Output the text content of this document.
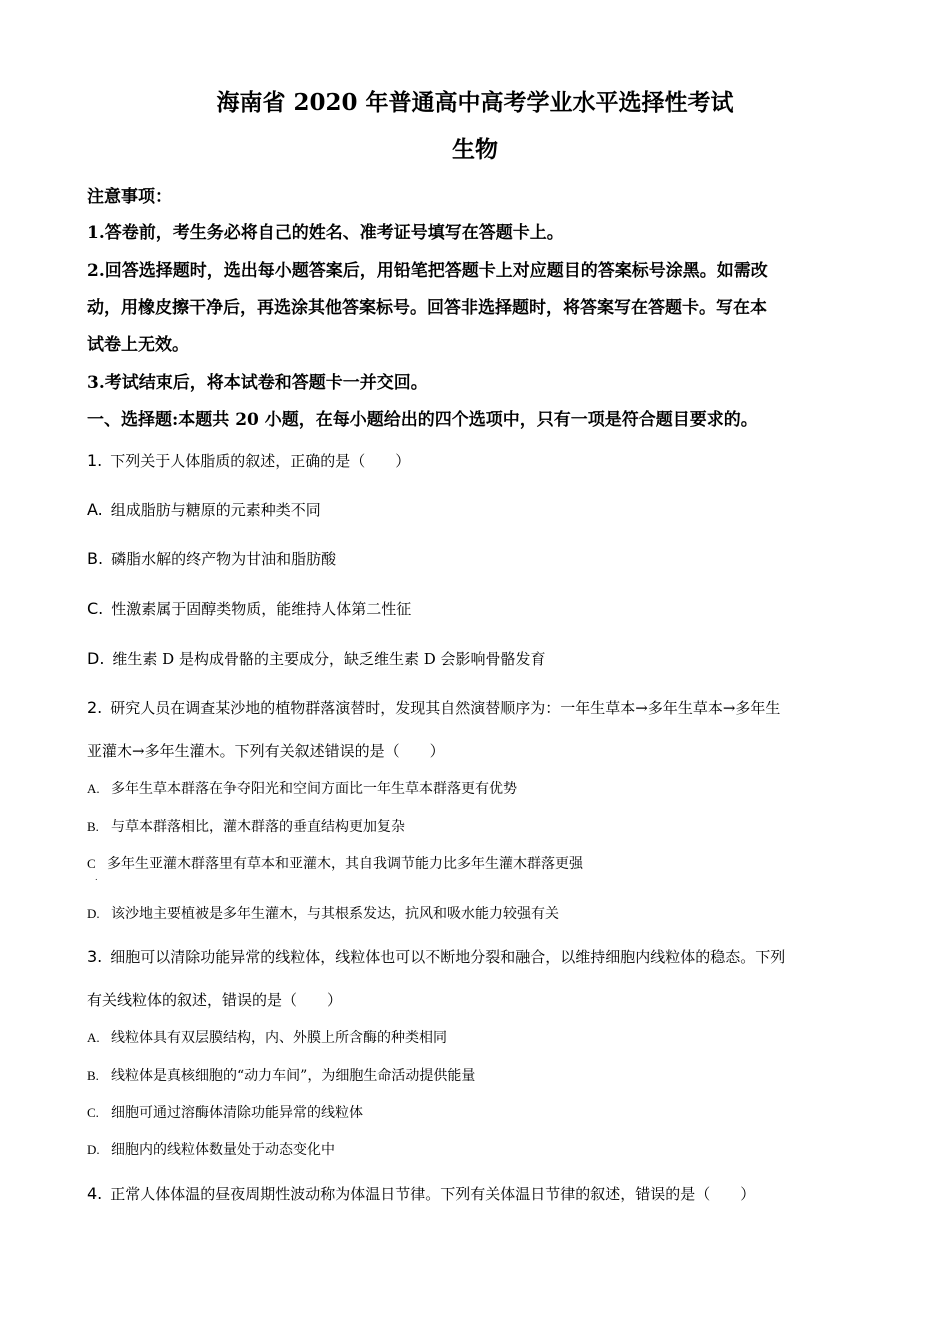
海南省 2020 年普通高中高考学业水平选择性考试
生物
注意事项：
1.答卷前，考生务必将自己的姓名、准考证号填写在答题卡上。
2.回答选择题时，选出每小题答案后，用铅笔把答题卡上对应题目的答案标号涂黑。如需改
动，用橡皮擦干净后，再选涂其他答案标号。回答非选择题时，将答案写在答题卡。写在本
试卷上无效。
3.考试结束后，将本试卷和答题卡一并交回。
一、选择题:本题共 20 小题，在每小题给出的四个选项中，只有一项是符合题目要求的。
1. 下列关于人体脂质的叙述，正确的是（　　）
A. 组成脂肪与糖原的元素种类不同
B. 磷脂水解的终产物为甘油和脂肪酸
C. 性激素属于固醇类物质，能维持人体第二性征
D. 维生素 D 是构成骨骼的主要成分，缺乏维生素 D 会影响骨骼发育
2. 研究人员在调查某沙地的植物群落演替时，发现其自然演替顺序为：一年生草本→多年生草本→多年生
亚灌木→多年生灌木。下列有关叙述错误的是（　　）
A. 多年生草本群落在争夺阳光和空间方面比一年生草本群落更有优势
B. 与草本群落相比，灌木群落的垂直结构更加复杂
C 多年生亚灌木群落里有草本和亚灌木，其自我调节能力比多年生灌木群落更强
.
D. 该沙地主要植被是多年生灌木，与其根系发达，抗风和吸水能力较强有关
3. 细胞可以清除功能异常的线粒体，线粒体也可以不断地分裂和融合，以维持细胞内线粒体的稳态。下列
有关线粒体的叙述，错误的是（　　）
A. 线粒体具有双层膜结构，内、外膜上所含酶的种类相同
B. 线粒体是真核细胞的“动力车间”，为细胞生命活动提供能量
C. 细胞可通过溶酶体清除功能异常的线粒体
D. 细胞内的线粒体数量处于动态变化中
4. 正常人体体温的昼夜周期性波动称为体温日节律。下列有关体温日节律的叙述，错误的是（　　）
